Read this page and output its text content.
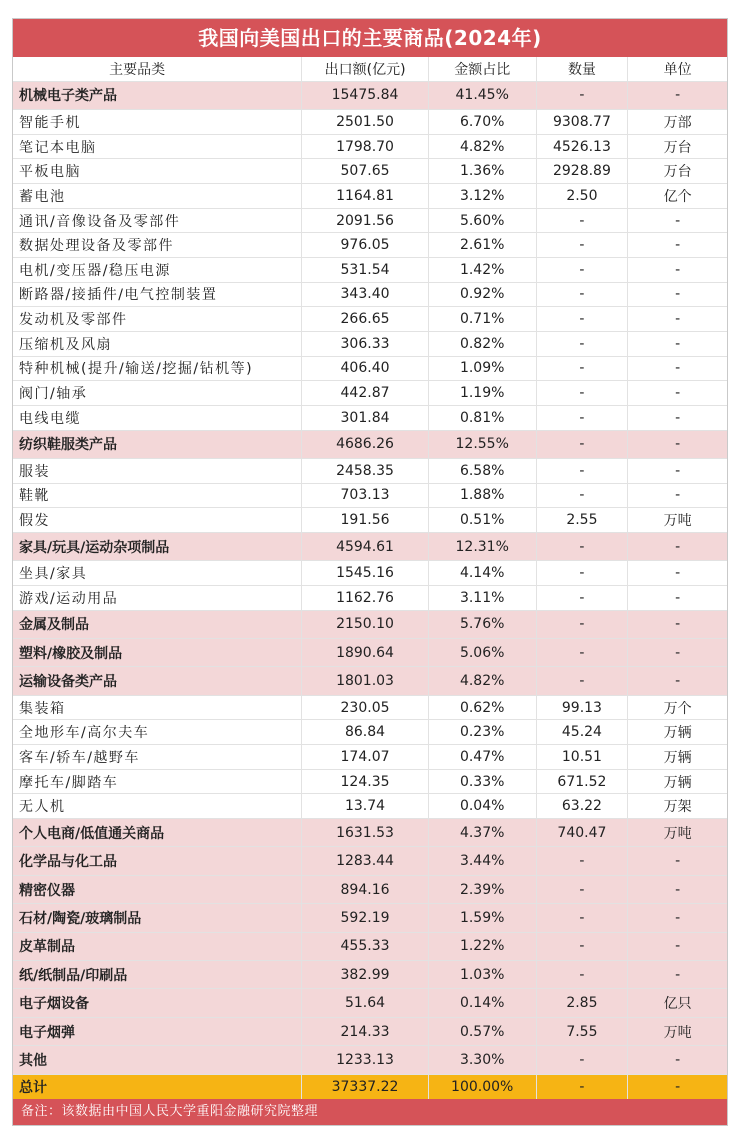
我国向美国出口的主要商品(2024年)
主要品类	出口额(亿元)	金额占比	数量	单位
机械电子类产品	15475.84	41.45%	-	-
智能手机	2501.50	6.70%	9308.77	万部
笔记本电脑	1798.70	4.82%	4526.13	万台
平板电脑	507.65	1.36%	2928.89	万台
蓄电池	1164.81	3.12%	2.50	亿个
通讯/音像设备及零部件	2091.56	5.60%	-	-
数据处理设备及零部件	976.05	2.61%	-	-
电机/变压器/稳压电源	531.54	1.42%	-	-
断路器/接插件/电气控制装置	343.40	0.92%	-	-
发动机及零部件	266.65	0.71%	-	-
压缩机及风扇	306.33	0.82%	-	-
特种机械(提升/输送/挖掘/钻机等)	406.40	1.09%	-	-
阀门/轴承	442.87	1.19%	-	-
电线电缆	301.84	0.81%	-	-
纺织鞋服类产品	4686.26	12.55%	-	-
服装	2458.35	6.58%	-	-
鞋靴	703.13	1.88%	-	-
假发	191.56	0.51%	2.55	万吨
家具/玩具/运动杂项制品	4594.61	12.31%	-	-
坐具/家具	1545.16	4.14%	-	-
游戏/运动用品	1162.76	3.11%	-	-
金属及制品	2150.10	5.76%	-	-
塑料/橡胶及制品	1890.64	5.06%	-	-
运输设备类产品	1801.03	4.82%	-	-
集装箱	230.05	0.62%	99.13	万个
全地形车/高尔夫车	86.84	0.23%	45.24	万辆
客车/轿车/越野车	174.07	0.47%	10.51	万辆
摩托车/脚踏车	124.35	0.33%	671.52	万辆
无人机	13.74	0.04%	63.22	万架
个人电商/低值通关商品	1631.53	4.37%	740.47	万吨
化学品与化工品	1283.44	3.44%	-	-
精密仪器	894.16	2.39%	-	-
石材/陶瓷/玻璃制品	592.19	1.59%	-	-
皮革制品	455.33	1.22%	-	-
纸/纸制品/印刷品	382.99	1.03%	-	-
电子烟设备	51.64	0.14%	2.85	亿只
电子烟弹	214.33	0.57%	7.55	万吨
其他	1233.13	3.30%	-	-
总计	37337.22	100.00%	-	-
备注：该数据由中国人民大学重阳金融研究院整理
